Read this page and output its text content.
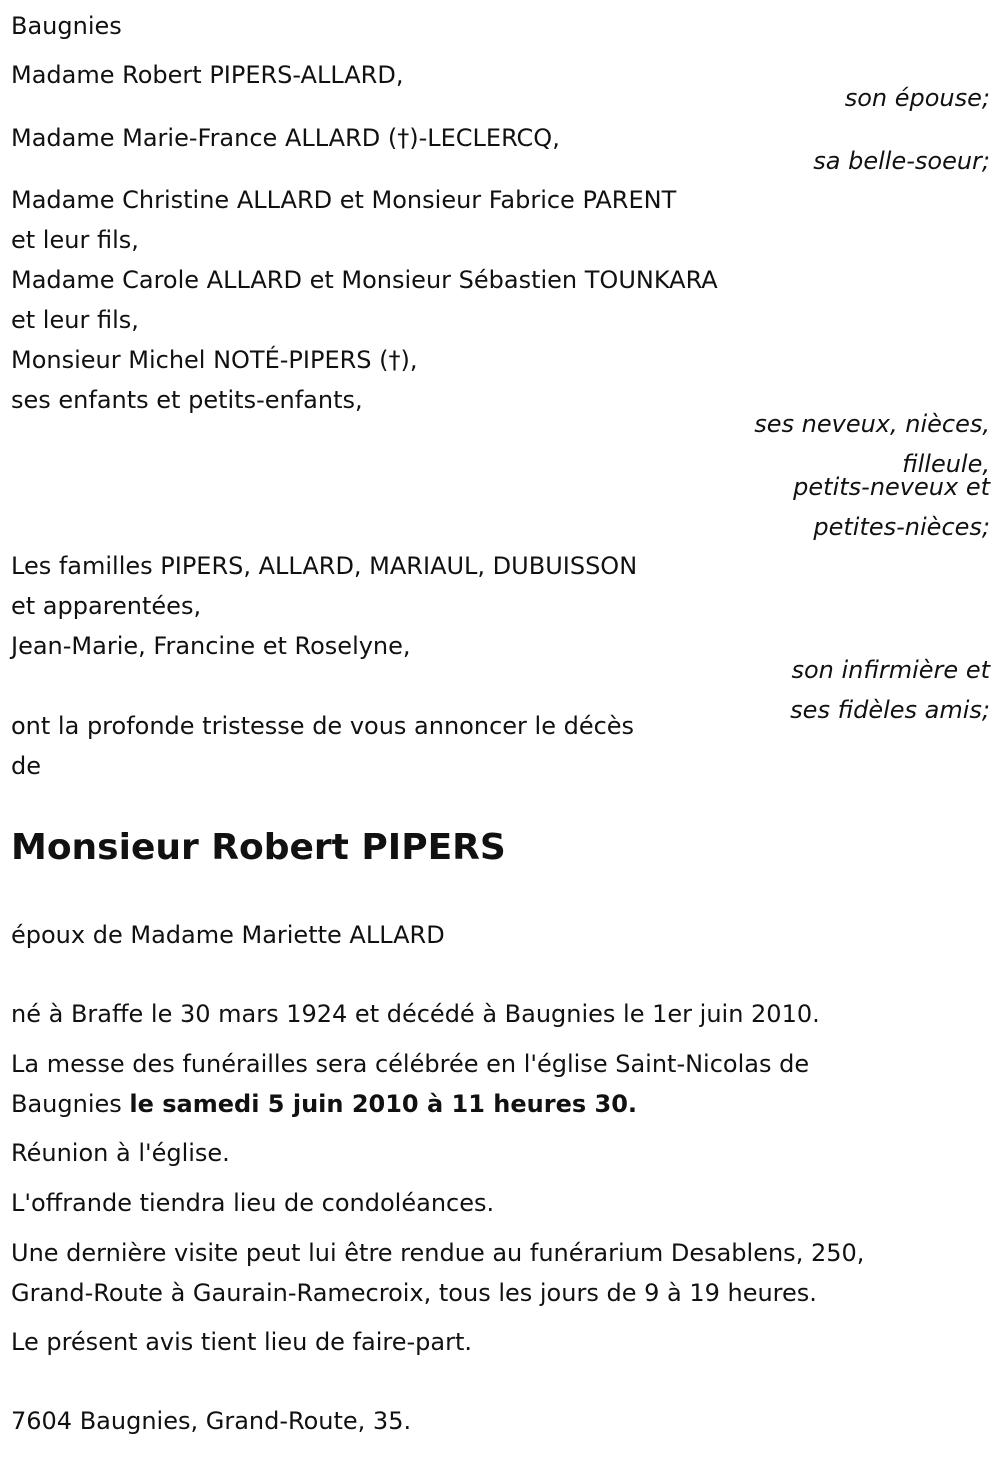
Baugnies
Madame Robert PIPERS-ALLARD,
son épouse;
Madame Marie-France ALLARD (†)-LECLERCQ,
sa belle-soeur;
Madame Christine ALLARD et Monsieur Fabrice PARENT
et leur fils,
Madame Carole ALLARD et Monsieur Sébastien TOUNKARA
et leur fils,
Monsieur Michel NOTÉ-PIPERS (†),
ses enfants et petits-enfants,
ses neveux, nièces,
filleule,
petits-neveux et
petites-nièces;
Les familles PIPERS, ALLARD, MARIAUL, DUBUISSON
et apparentées,
Jean-Marie, Francine et Roselyne,
son infirmière et
ses fidèles amis;
ont la profonde tristesse de vous annoncer le décès
de
Monsieur Robert PIPERS
époux de Madame Mariette ALLARD
né à Braffe le 30 mars 1924 et décédé à Baugnies le 1er juin 2010.
La messe des funérailles sera célébrée en l'église Saint-Nicolas de
Baugnies le samedi 5 juin 2010 à 11 heures 30.
Réunion à l'église.
L'offrande tiendra lieu de condoléances.
Une dernière visite peut lui être rendue au funérarium Desablens, 250,
Grand-Route à Gaurain-Ramecroix, tous les jours de 9 à 19 heures.
Le présent avis tient lieu de faire-part.
7604 Baugnies, Grand-Route, 35.
